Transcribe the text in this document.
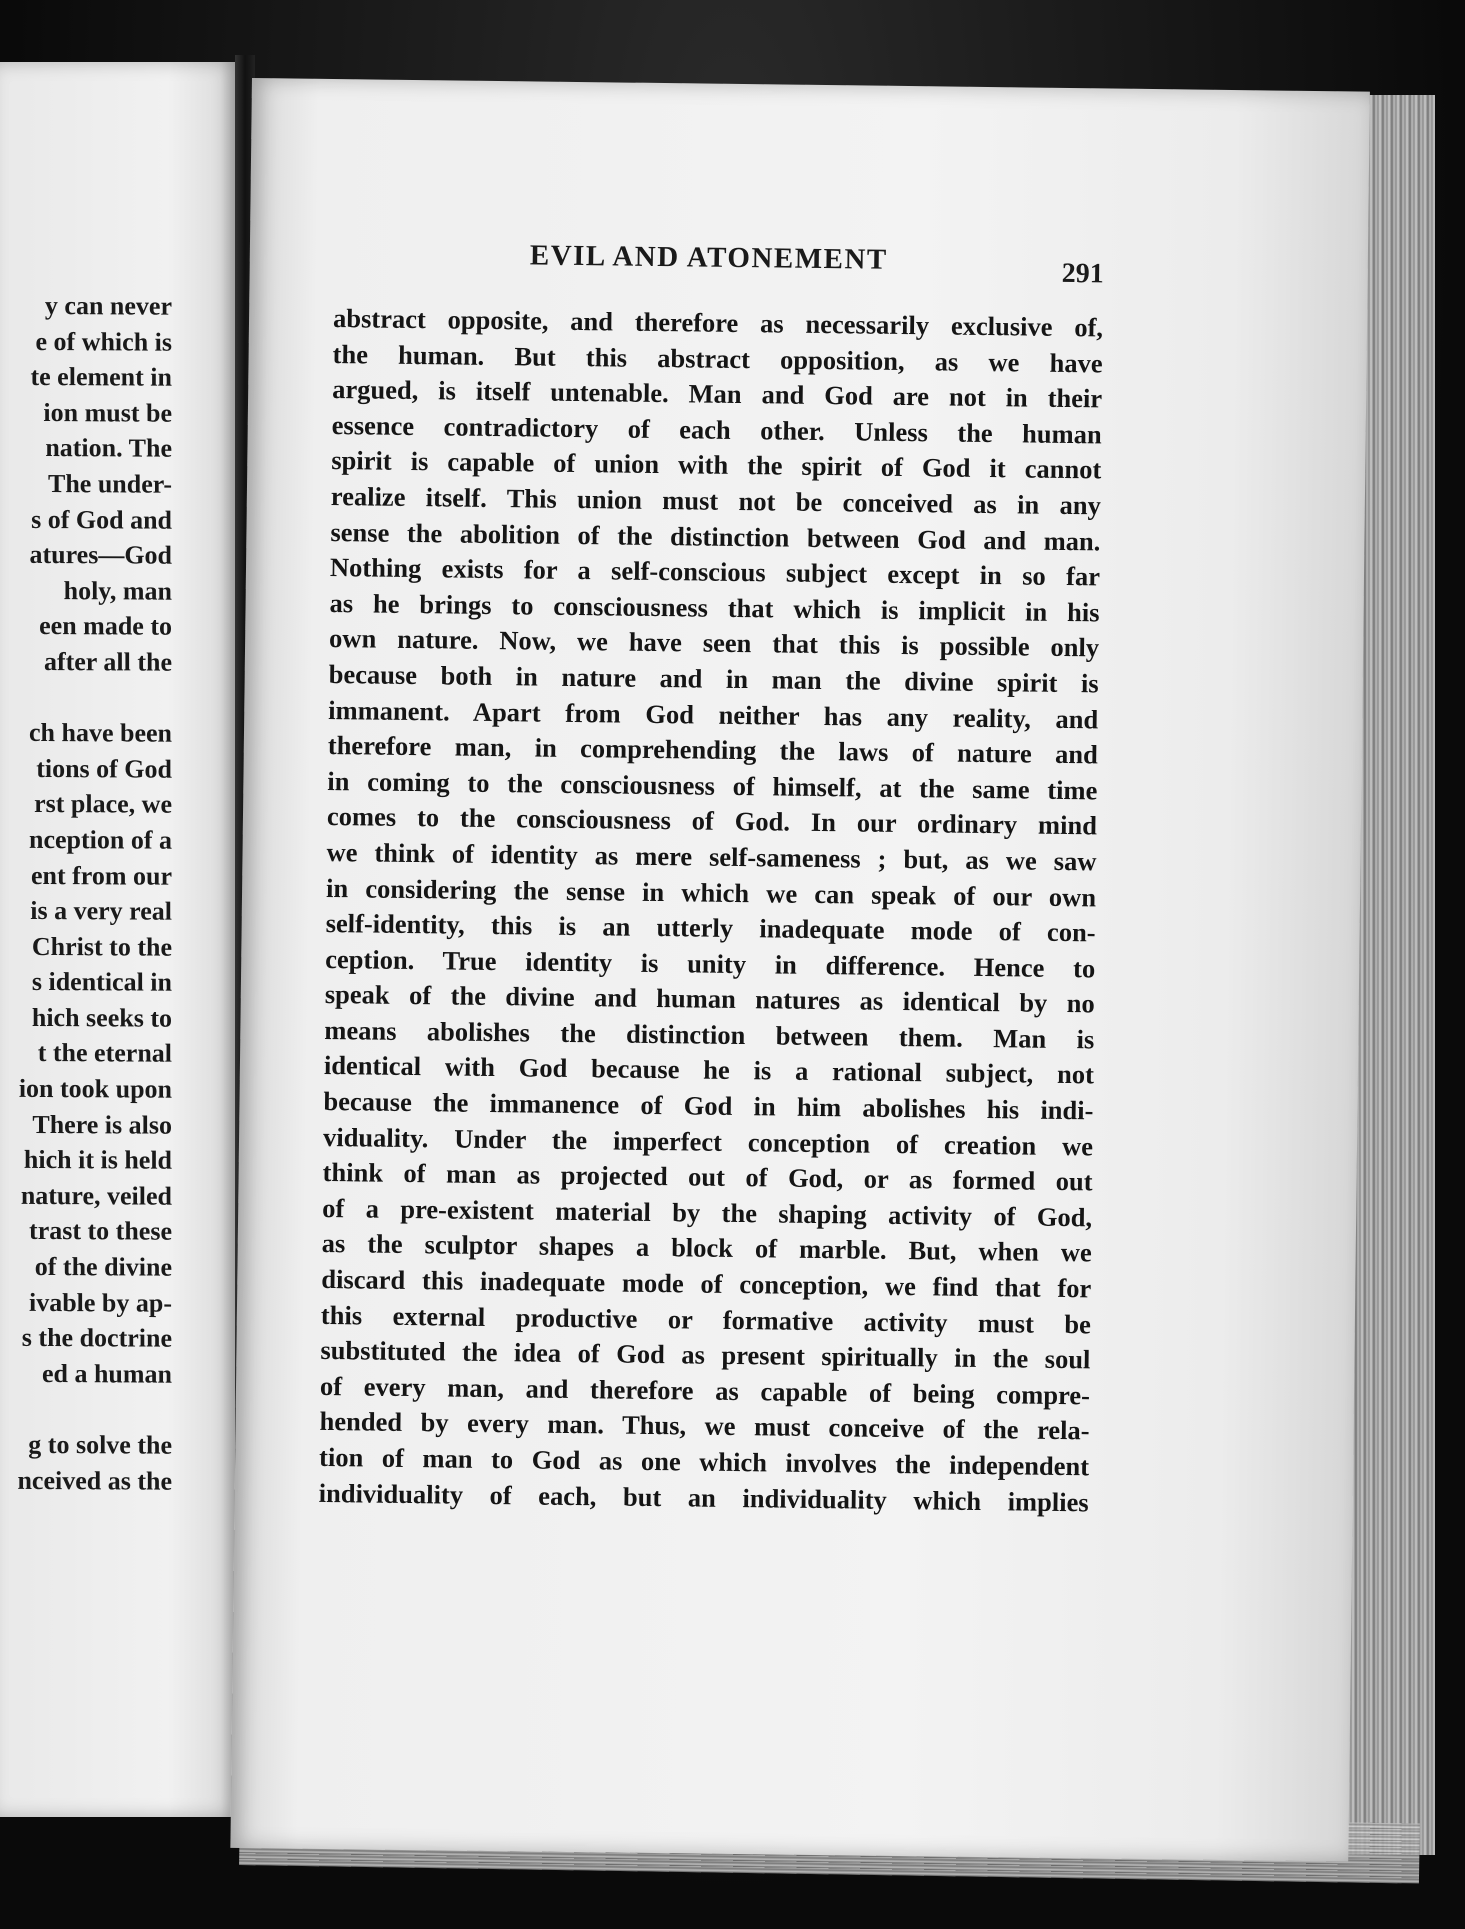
y can never
e of which is
te element in
ion must be
nation. The
The under-
s of God and
atures—God
holy, man
een made to
after all the
ch have been
tions of God
rst place, we
nception of a
ent from our
is a very real
Christ to the
s identical in
hich seeks to
t the eternal
ion took upon
There is also
hich it is held
nature, veiled
trast to these
of the divine
ivable by ap-
s the doctrine
ed a human
g to solve the
nceived as the
EVIL AND ATONEMENT	291
abstract opposite, and therefore as necessarily exclusive of,
the human. But this abstract opposition, as we have
argued, is itself untenable. Man and God are not in their
essence contradictory of each other. Unless the human
spirit is capable of union with the spirit of God it cannot
realize itself. This union must not be conceived as in any
sense the abolition of the distinction between God and man.
Nothing exists for a self-conscious subject except in so far
as he brings to consciousness that which is implicit in his
own nature. Now, we have seen that this is possible only
because both in nature and in man the divine spirit is
immanent. Apart from God neither has any reality, and
therefore man, in comprehending the laws of nature and
in coming to the consciousness of himself, at the same time
comes to the consciousness of God. In our ordinary mind
we think of identity as mere self-sameness ; but, as we saw
in considering the sense in which we can speak of our own
self-identity, this is an utterly inadequate mode of con-
ception. True identity is unity in difference. Hence to
speak of the divine and human natures as identical by no
means abolishes the distinction between them. Man is
identical with God because he is a rational subject, not
because the immanence of God in him abolishes his indi-
viduality. Under the imperfect conception of creation we
think of man as projected out of God, or as formed out
of a pre-existent material by the shaping activity of God,
as the sculptor shapes a block of marble. But, when we
discard this inadequate mode of conception, we find that for
this external productive or formative activity must be
substituted the idea of God as present spiritually in the soul
of every man, and therefore as capable of being compre-
hended by every man. Thus, we must conceive of the rela-
tion of man to God as one which involves the independent
individuality of each, but an individuality which implies
